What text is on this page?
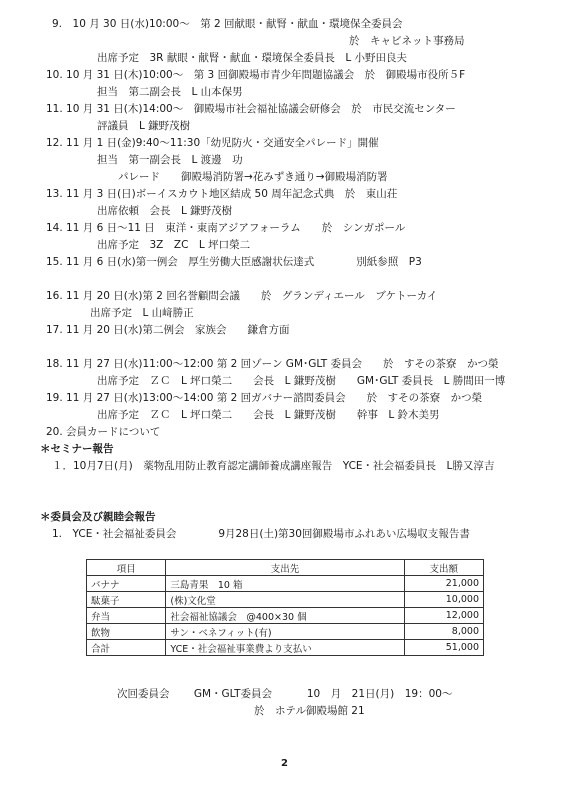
9.　10 月 30 日(水)10:00～　第 2 回献眼・献腎・献血・環境保全委員会
於　キャビネット事務局
出席予定　3R 献眼・献腎・献血・環境保全委員長　L 小野田良夫
10. 10 月 31 日(木)10:00～　第 3 回御殿場市青少年問題協議会　於　御殿場市役所５F
担当　第二副会長　L 山本保男
11. 10 月 31 日(木)14:00～　御殿場市社会福祉協議会研修会　於　市民交流センター
評議員　L 鎌野茂樹
12. 11 月 1 日(金)9:40～11:30「幼児防火・交通安全パレード」開催
担当　第一副会長　L 渡邊　功
パレード　　御殿場消防署→花みずき通り→御殿場消防署
13. 11 月 3 日(日)ボーイスカウト地区結成 50 周年記念式典　於　東山荘
出席依頼　会長　L 鎌野茂樹
14. 11 月 6 日～11 日　東洋・東南アジアフォーラム　　於　シンガポール
出席予定　3Z　ZC　L 坪口榮二
15. 11 月 6 日(水)第一例会　厚生労働大臣感謝状伝達式　　　　別紙参照　P3
16. 11 月 20 日(水)第 2 回名誉顧問会議　　於　グランディエール　ブケトーカイ
出席予定　L 山﨑勝正
17. 11 月 20 日(水)第二例会　家族会　　鎌倉方面
18. 11 月 27 日(水)11:00～12:00 第 2 回ゾーン GM･GLT 委員会　　於　すその茶寮　かつ榮
出席予定　ＺＣ　L 坪口榮二　　会長　L 鎌野茂樹　　GM･GLT 委員長　L 勝間田一博
19. 11 月 27 日(水)13:00～14:00 第 2 回ガバナー諮問委員会　　於　すその茶寮　かつ榮
出席予定　ＺＣ　L 坪口榮二　　会長　L 鎌野茂樹　　幹事　L 鈴木美男
20. 会員カードについて
＊セミナー報告
１．10月7日(月)　薬物乱用防止教育認定講師養成講座報告　YCE・社会福委員長　L勝又淳吉
＊委員会及び親睦会報告
1.　YCE・社会福祉委員会　　　　9月28日(土)第30回御殿場市ふれあい広場収支報告書
次回委員会　　 GM・GLT委員会　　　 10　月　21日(月)　19：00～
於　ホテル御殿場館 21
項目	支出先	支出額
バナナ	三島青果　10 箱	21,000
駄菓子	(株)文化堂	10,000
弁当	社会福祉協議会　@400×30 個	12,000
飲物	サン・ベネフィット(有)	8,000
合計	YCE・社会福祉事業費より支払い	51,000
2
